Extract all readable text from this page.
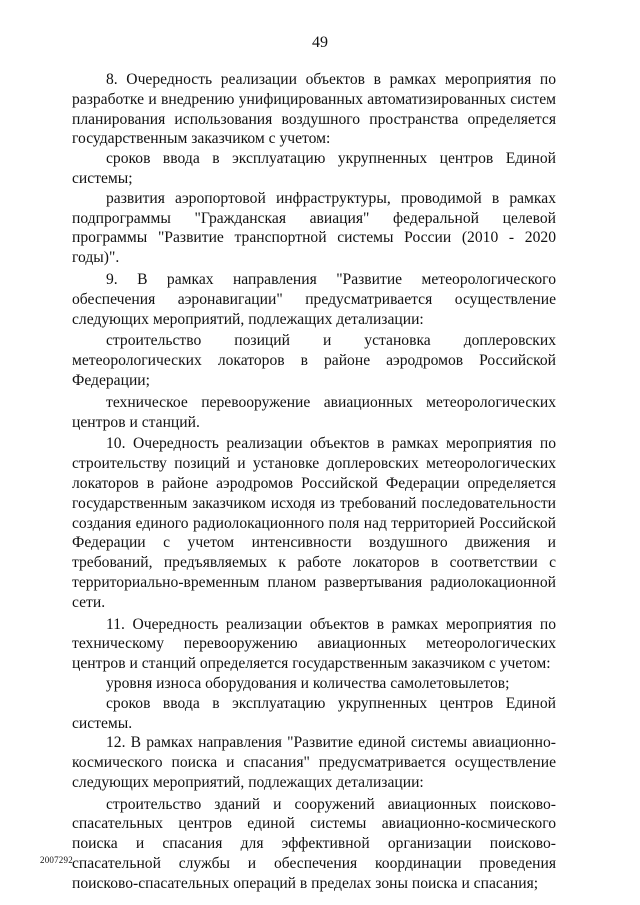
49

8. Очередность реализации объектов в рамках мероприятия по разработке и внедрению унифицированных автоматизированных систем планирования использования воздушного пространства определяется государственным заказчиком с учетом:

сроков ввода в эксплуатацию укрупненных центров Единой системы;

развития аэропортовой инфраструктуры, проводимой в рамках подпрограммы "Гражданская авиация" федеральной целевой программы "Развитие транспортной системы России (2010 - 2020 годы)".

9. В рамках направления "Развитие метеорологического обеспечения аэронавигации" предусматривается осуществление следующих мероприятий, подлежащих детализации:

строительство позиций и установка доплеровских метеорологических локаторов в районе аэродромов Российской Федерации;

техническое перевооружение авиационных метеорологических центров и станций.

10. Очередность реализации объектов в рамках мероприятия по строительству позиций и установке доплеровских метеорологических локаторов в районе аэродромов Российской Федерации определяется государственным заказчиком исходя из требований последовательности создания единого радиолокационного поля над территорией Российской Федерации с учетом интенсивности воздушного движения и требований, предъявляемых к работе локаторов в соответствии с территориально-временным планом развертывания радиолокационной сети.

11. Очередность реализации объектов в рамках мероприятия по техническому перевооружению авиационных метеорологических центров и станций определяется государственным заказчиком с учетом:

уровня износа оборудования и количества самолетовылетов;

сроков ввода в эксплуатацию укрупненных центров Единой системы.

12. В рамках направления "Развитие единой системы авиационно-космического поиска и спасания" предусматривается осуществление следующих мероприятий, подлежащих детализации:

строительство зданий и сооружений авиационных поисково-спасательных центров единой системы авиационно-космического поиска и спасания для эффективной организации поисково-спасательной службы и обеспечения координации проведения поисково-спасательных операций в пределах зоны поиска и спасания;

2007292
